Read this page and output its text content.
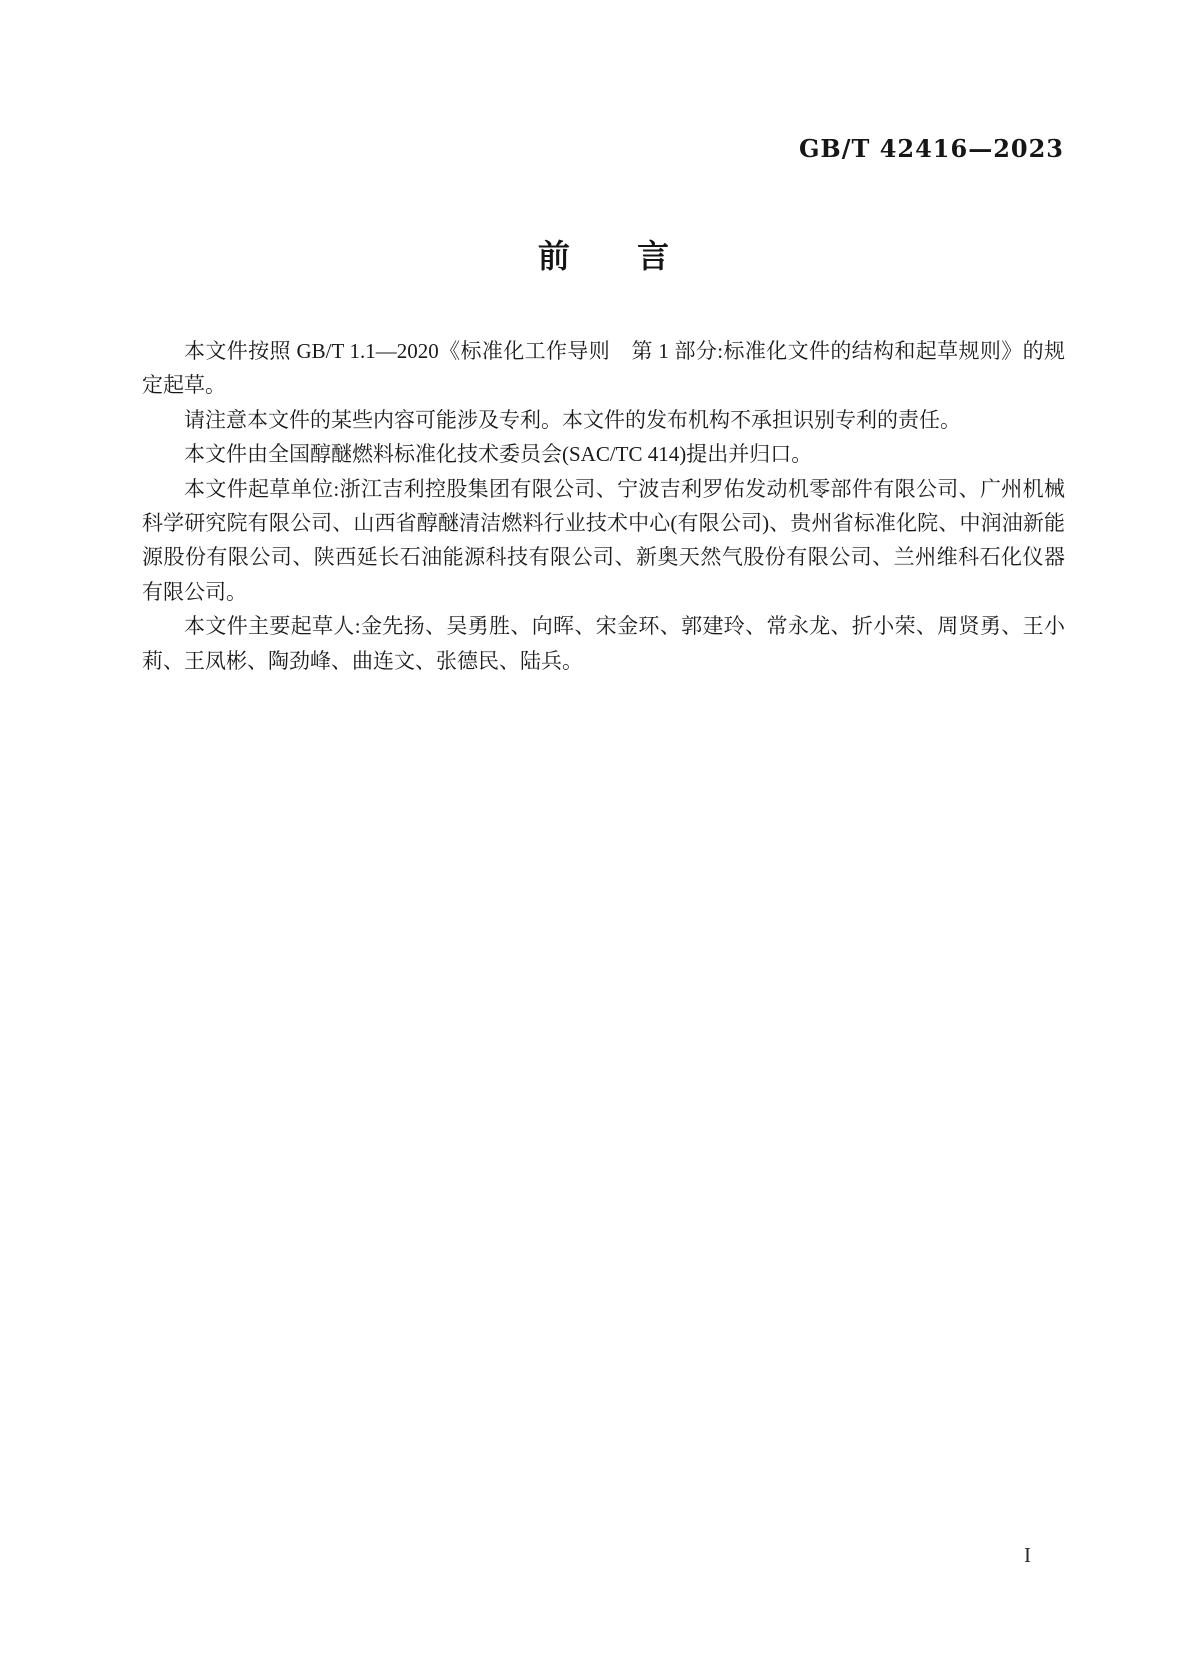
GB/T 42416—2023
前言

本文件按照 GB/T 1.1—2020《标准化工作导则　第 1 部分:标准化文件的结构和起草规则》的规定起草。

请注意本文件的某些内容可能涉及专利。本文件的发布机构不承担识别专利的责任。

本文件由全国醇醚燃料标准化技术委员会(SAC/TC 414)提出并归口。

本文件起草单位:浙江吉利控股集团有限公司、宁波吉利罗佑发动机零部件有限公司、广州机械科学研究院有限公司、山西省醇醚清洁燃料行业技术中心(有限公司)、贵州省标准化院、中润油新能源股份有限公司、陕西延长石油能源科技有限公司、新奥天然气股份有限公司、兰州维科石化仪器有限公司。

本文件主要起草人:金先扬、吴勇胜、向晖、宋金环、郭建玲、常永龙、折小荣、周贤勇、王小莉、王凤彬、陶劲峰、曲连文、张德民、陆兵。

I
